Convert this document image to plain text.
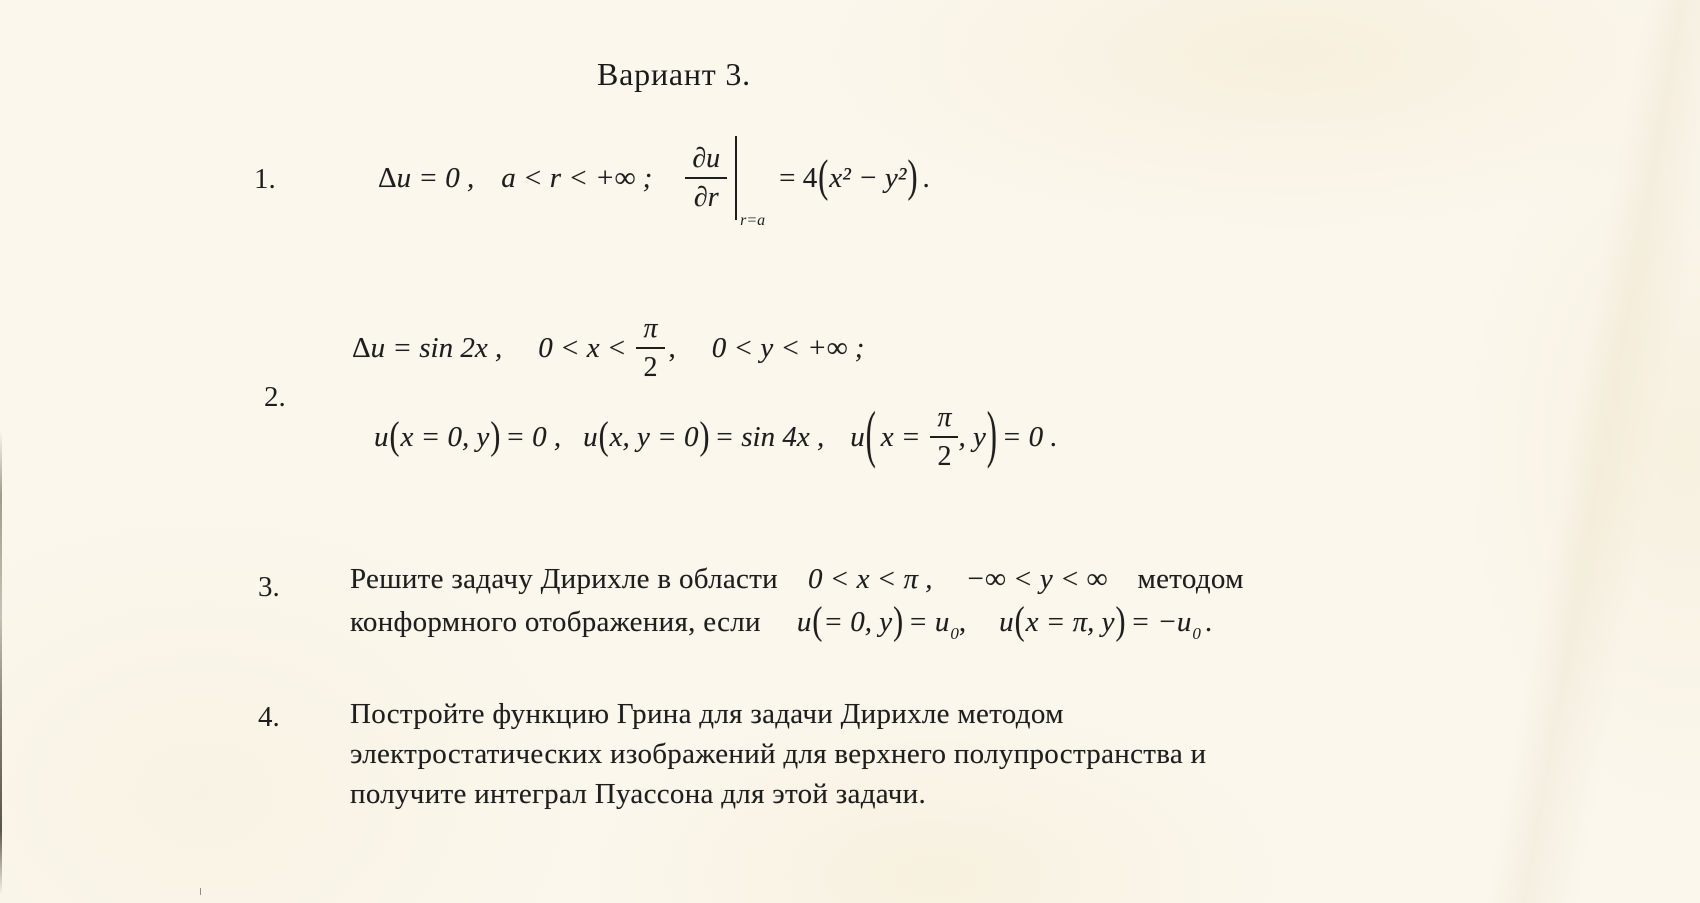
Вариант 3.
1.	Δ u = 0 , a < r < +∞ ; $\frac{\partial u}{\partial r}$
r=a
= 4 ( x² − y² ) .
2.
Δ u = sin 2x , $0 < x < \frac{\pi}{2}$ , 0 < y < +∞ ;
u ( x = 0, y ) = 0 , u ( x, y = 0 ) = sin 4x , u ( $x = \frac{\pi}{2}$ , y ) = 0 .
3. Решите задачу Дирихле в области 0 < x < π , −∞ < y < ∞ методом
конформного отображения, если u ( = 0, y ) = u 0 , u ( x = π, y ) = −u 0 .
4. Постройте функцию Грина для задачи Дирихле методом
электростатических изображений для верхнего полупространства и
получите интеграл Пуассона для этой задачи.
